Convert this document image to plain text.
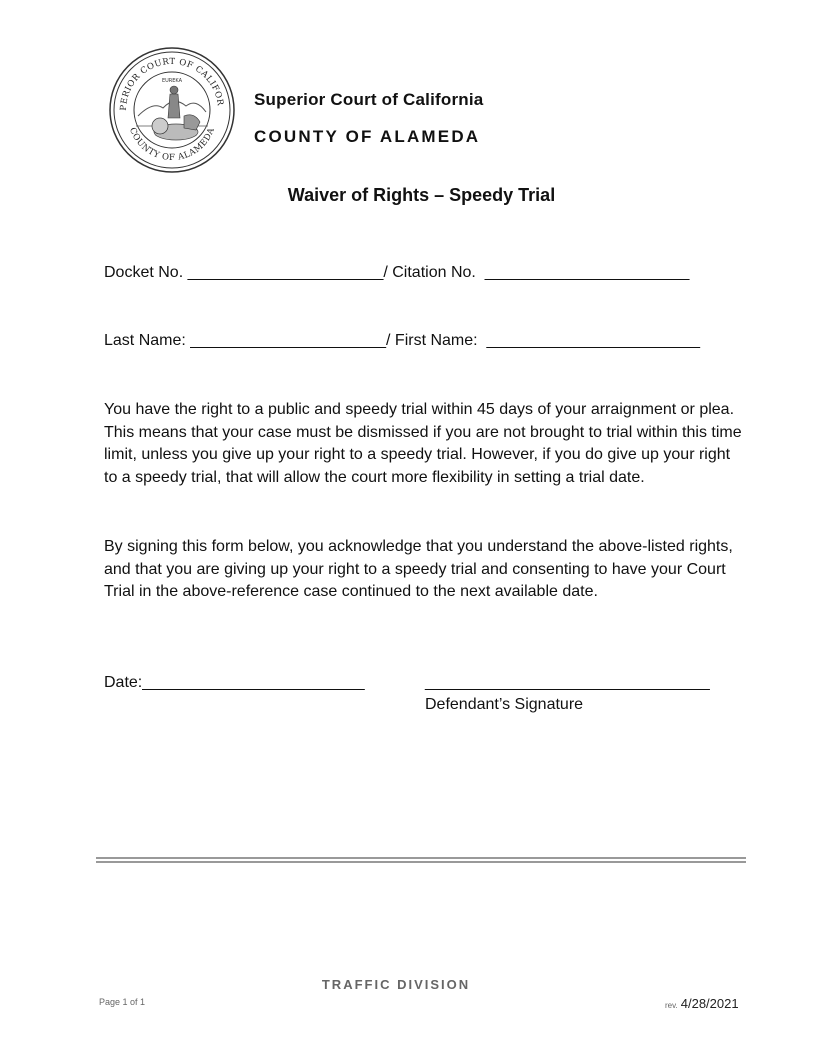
PERIOR COURT OF CALIFOR
COUNTY OF ALAMEDA
EUREKA
Superior Court of California
COUNTY OF ALAMEDA
Waiver of Rights – Speedy Trial
Docket No. ______________________/ Citation No.  _______________________
Last Name: ______________________/ First Name:  ________________________

You have the right to a public and speedy trial within 45 days of your arraignment or plea. This means that your case must be dismissed if you are not brought to trial within this time limit, unless you give up your right to a speedy trial. However, if you do give up your right to a speedy trial, that will allow the court more flexibility in setting a trial date.

By signing this form below, you acknowledge that you understand the above-listed rights, and that you are giving up your right to a speedy trial and consenting to have your Court Trial in the above-reference case continued to the next available date.

Date:_________________________	________________________________
Defendant’s Signature
TRAFFIC DIVISION
Page 1 of 1	rev. 4/28/2021
